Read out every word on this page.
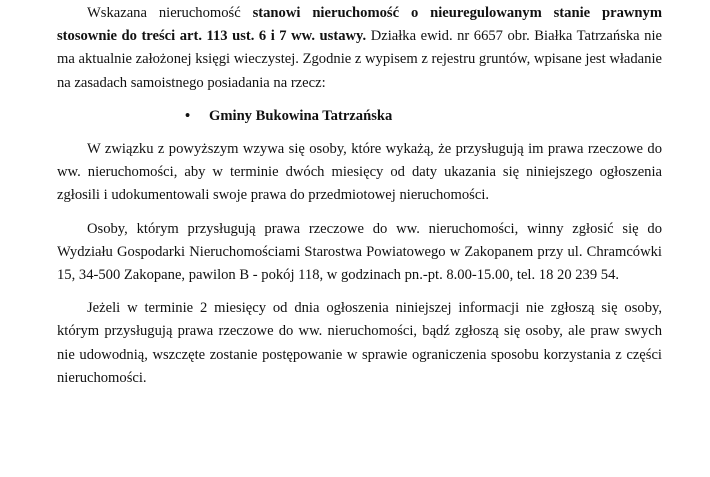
Wskazana nieruchomość stanowi nieruchomość o nieuregulowanym stanie prawnym stosownie do treści art. 113 ust. 6 i 7 ww. ustawy. Działka ewid. nr 6657 obr. Białka Tatrzańska nie ma aktualnie założonej księgi wieczystej. Zgodnie z wypisem z rejestru gruntów, wpisane jest władanie na zasadach samoistnego posiadania na rzecz:

•	Gminy Bukowina Tatrzańska

W związku z powyższym wzywa się osoby, które wykażą, że przysługują im prawa rzeczowe do ww. nieruchomości, aby w terminie dwóch miesięcy od daty ukazania się niniejszego ogłoszenia zgłosili i udokumentowali swoje prawa do przedmiotowej nieruchomości.

Osoby, którym przysługują prawa rzeczowe do ww. nieruchomości, winny zgłosić się do Wydziału Gospodarki Nieruchomościami Starostwa Powiatowego w Zakopanem przy ul. Chramcówki 15, 34-500 Zakopane, pawilon B - pokój 118, w godzinach pn.-pt. 8.00-15.00, tel. 18 20 239 54.

Jeżeli w terminie 2 miesięcy od dnia ogłoszenia niniejszej informacji nie zgłoszą się osoby, którym przysługują prawa rzeczowe do ww. nieruchomości, bądź zgłoszą się osoby, ale praw swych nie udowodnią, wszczęte zostanie postępowanie w sprawie ograniczenia sposobu korzystania z części nieruchomości.
